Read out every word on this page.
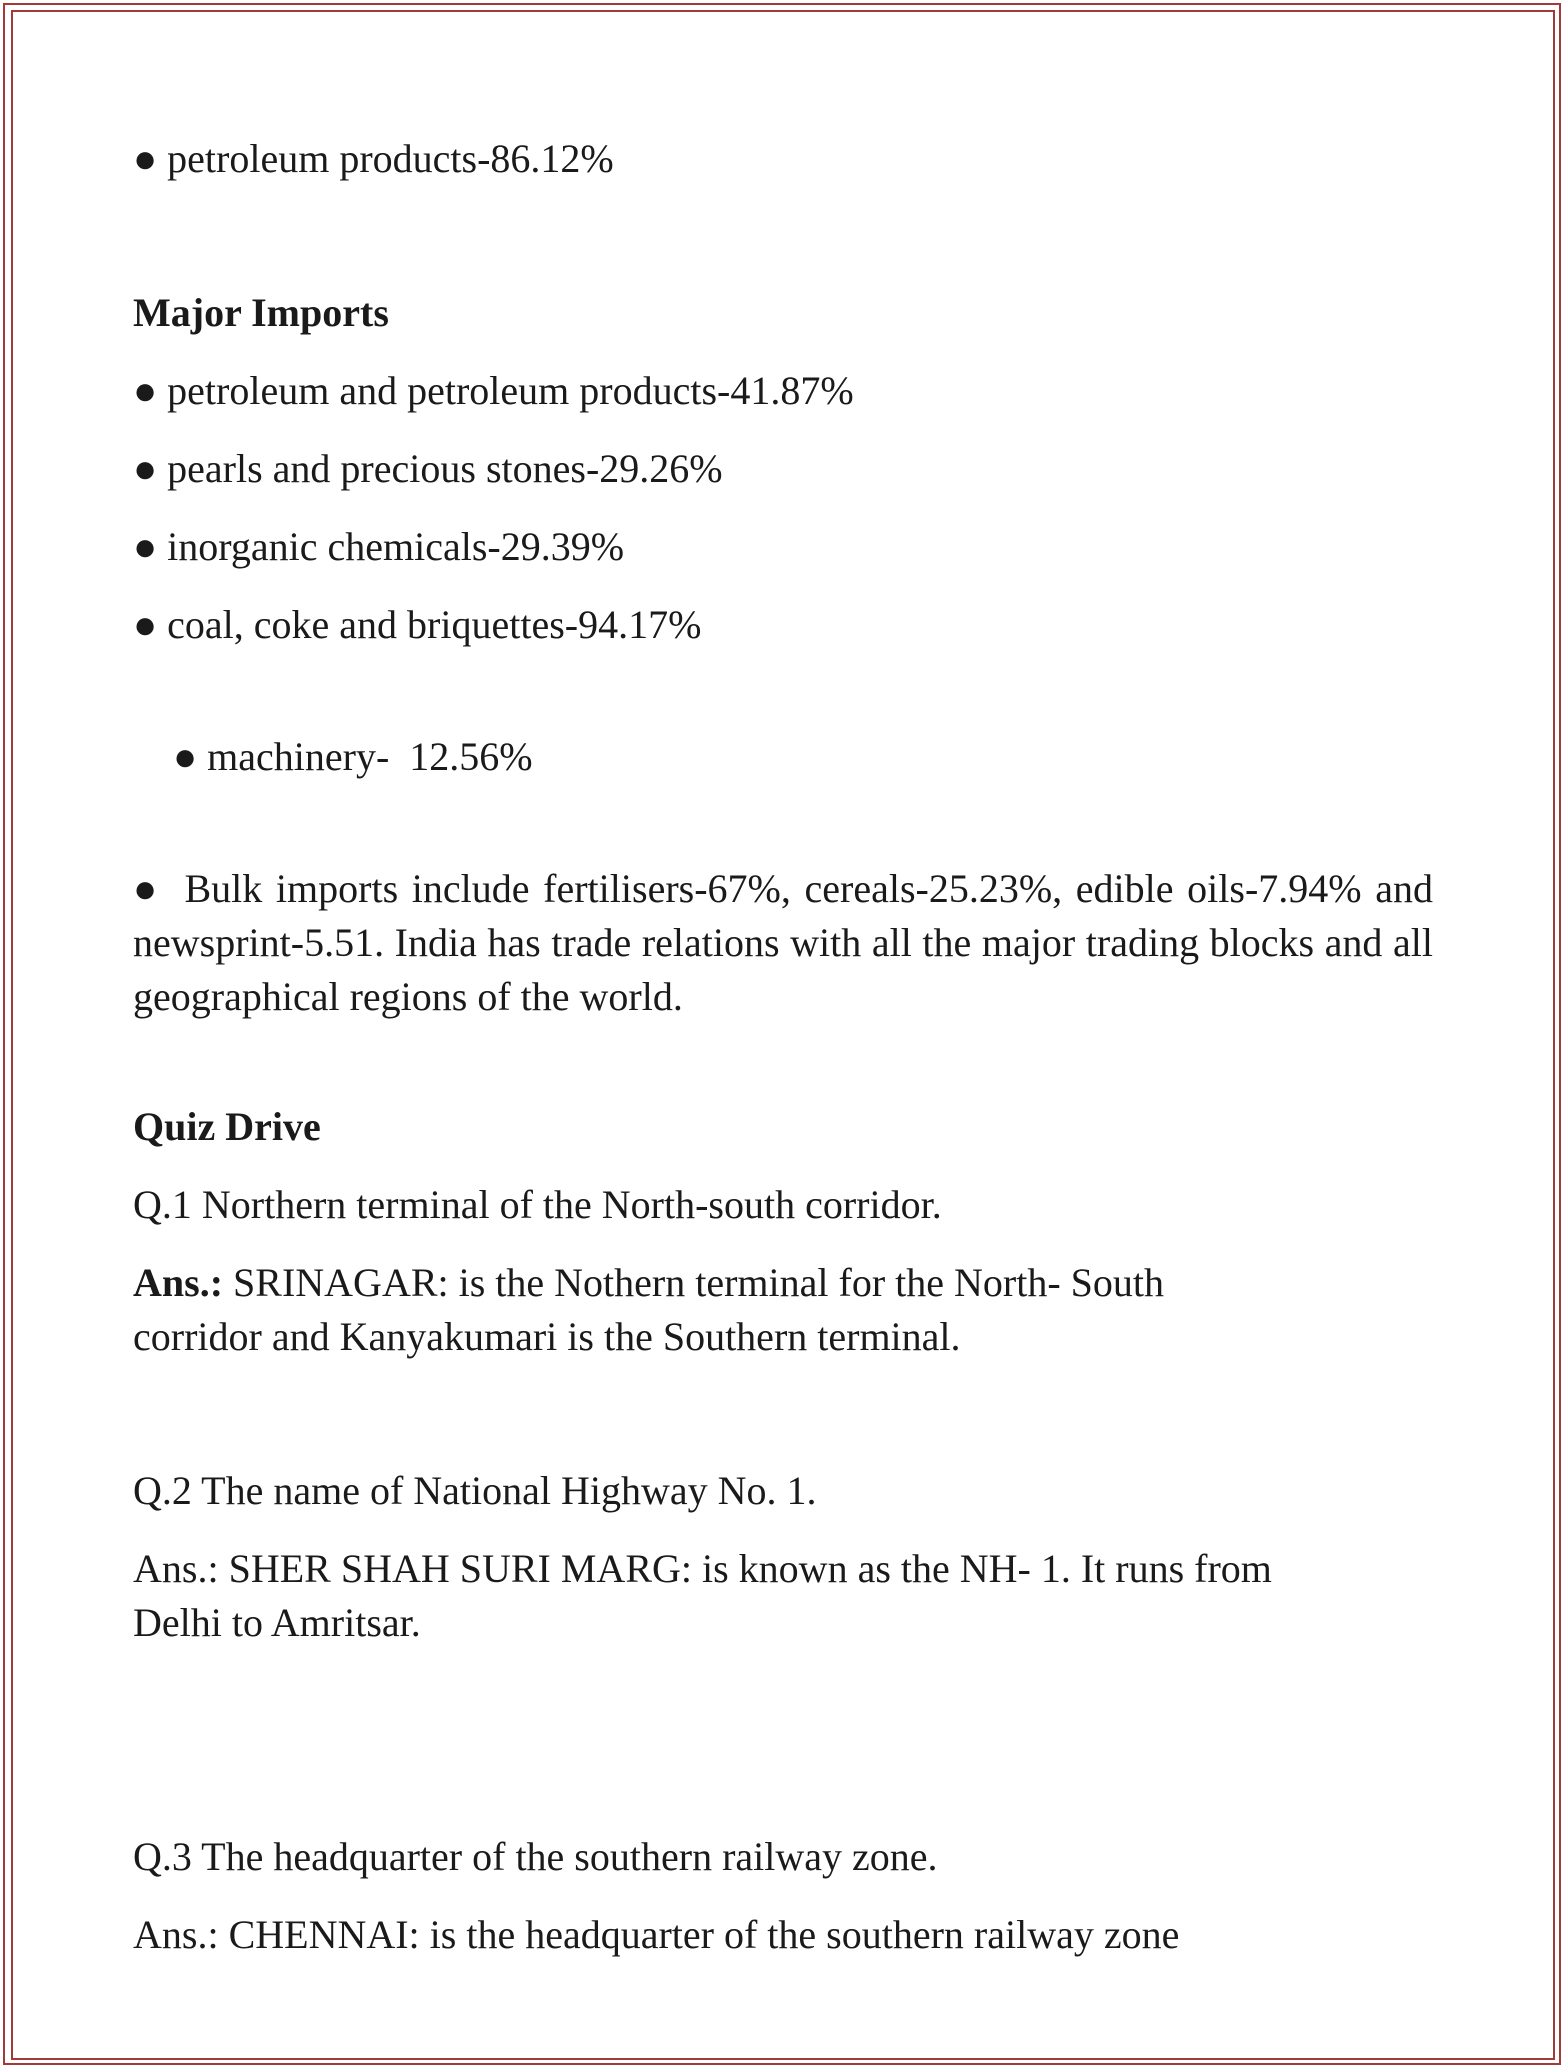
● petroleum products-86.12%

Major Imports

● petroleum and petroleum products-41.87%

● pearls and precious stones-29.26%

● inorganic chemicals-29.39%

● coal, coke and briquettes-94.17%

● machinery-  12.56%

● Bulk imports include fertilisers-67%, cereals-25.23%, edible oils-7.94% and newsprint-5.51. India has trade relations with all the major trading blocks and all geographical regions of the world.

Quiz Drive

Q.1 Northern terminal of the North-south corridor.

Ans.: SRINAGAR: is the Nothern terminal for the North- South

corridor and Kanyakumari is the Southern terminal.

Q.2 The name of National Highway No. 1.

Ans.: SHER SHAH SURI MARG: is known as the NH- 1. It runs from

Delhi to Amritsar.

Q.3 The headquarter of the southern railway zone.

Ans.: CHENNAI: is the headquarter of the southern railway zone
